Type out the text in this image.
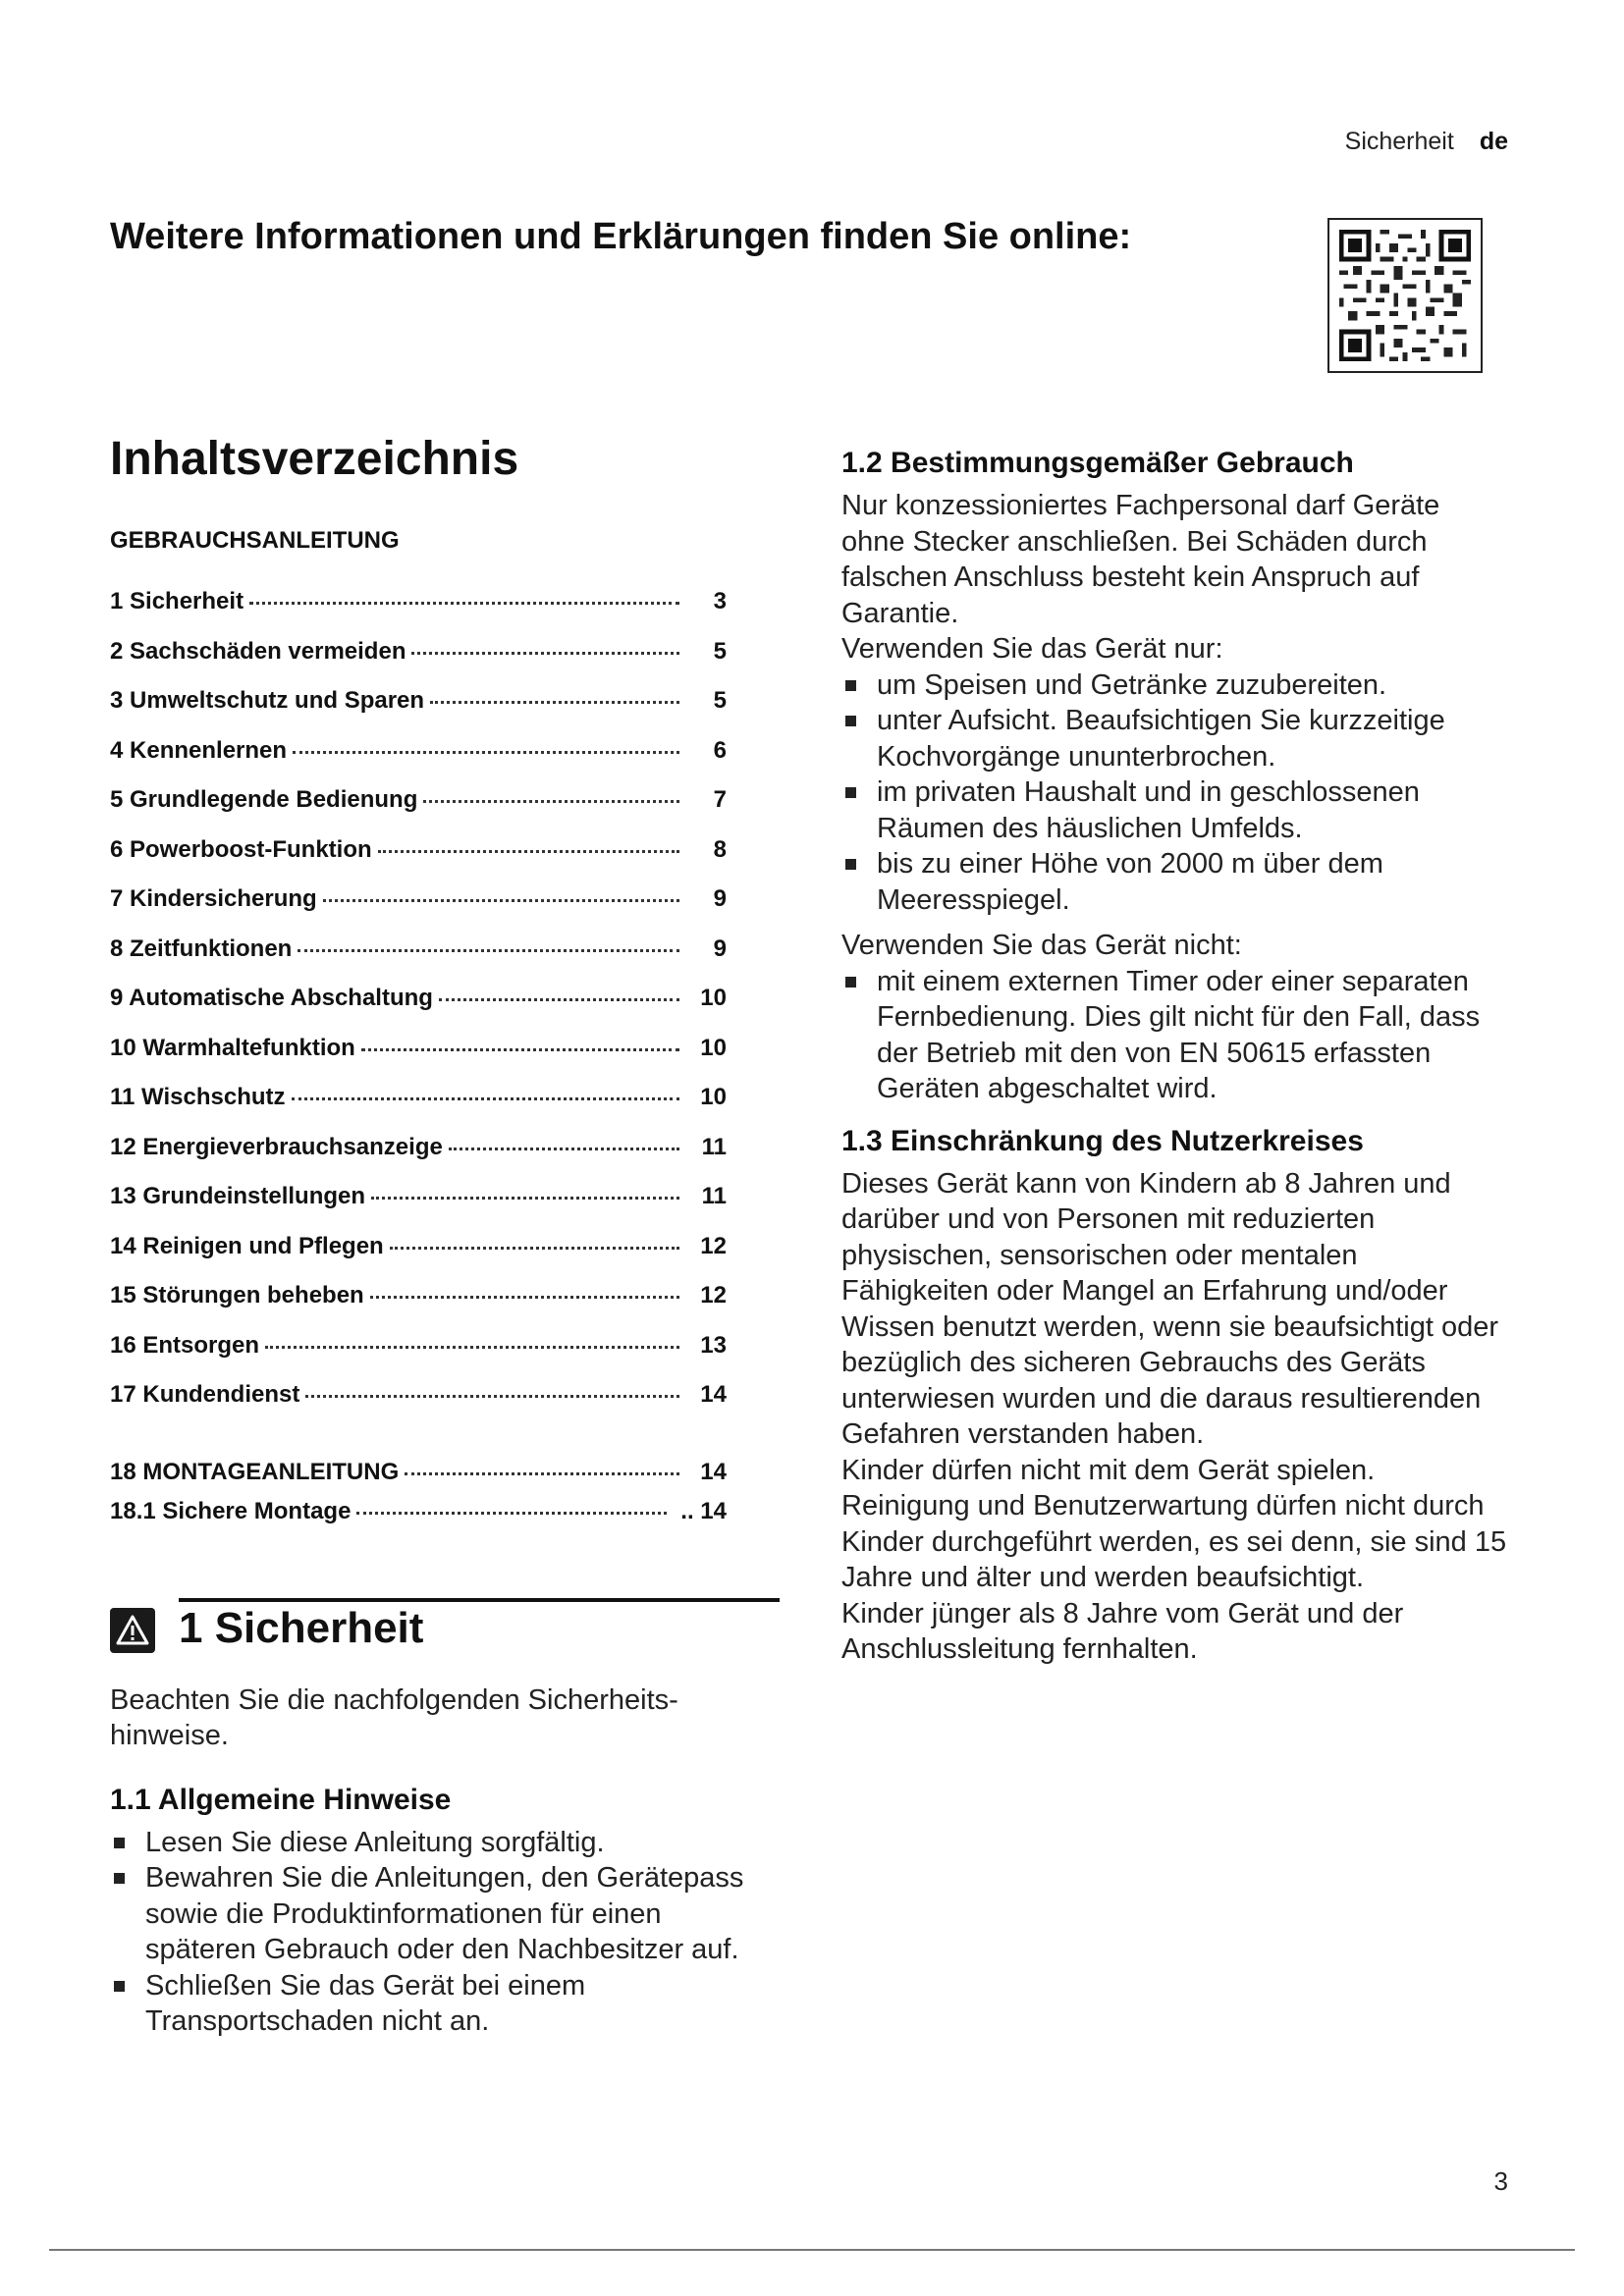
Sicherheit de
Weitere Informationen und Erklärungen finden Sie online:
Inhaltsverzeichnis
GEBRAUCHSANLEITUNG
1 Sicherheit	3
2 Sachschäden vermeiden	5
3 Umweltschutz und Sparen	5
4 Kennenlernen	6
5 Grundlegende Bedienung	7
6 Powerboost-Funktion	8
7 Kindersicherung	9
8 Zeitfunktionen	9
9 Automatische Abschaltung	10
10 Warmhaltefunktion	10
11 Wischschutz	10
12 Energieverbrauchsanzeige	11
13 Grundeinstellungen	11
14 Reinigen und Pflegen	12
15 Störungen beheben	12
16 Entsorgen	13
17 Kundendienst	14
18 MONTAGEANLEITUNG	14
18.1 Sichere Montage	.. 14
1 Sicherheit

Beachten Sie die nachfolgenden Sicherheits-hinweise.

1.1 Allgemeine Hinweise
Lesen Sie diese Anleitung sorgfältig.
Bewahren Sie die Anleitungen, den Gerätepass sowie die Produktinformationen für einen späteren Gebrauch oder den Nachbesitzer auf.
Schließen Sie das Gerät bei einem Transportschaden nicht an.
1.2 Bestimmungsgemäßer Gebrauch

Nur konzessioniertes Fachpersonal darf Geräte ohne Stecker anschließen. Bei Schäden durch falschen Anschluss besteht kein Anspruch auf Garantie.

Verwenden Sie das Gerät nur:

um Speisen und Getränke zuzubereiten.
unter Aufsicht. Beaufsichtigen Sie kurzzeitige Kochvorgänge ununterbrochen.
im privaten Haushalt und in geschlossenen Räumen des häuslichen Umfelds.
bis zu einer Höhe von 2000 m über dem Meeresspiegel.

Verwenden Sie das Gerät nicht:

mit einem externen Timer oder einer separaten Fernbedienung. Dies gilt nicht für den Fall, dass der Betrieb mit den von EN 50615 erfassten Geräten abgeschaltet wird.
1.3 Einschränkung des Nutzerkreises

Dieses Gerät kann von Kindern ab 8 Jahren und darüber und von Personen mit reduzierten physischen, sensorischen oder mentalen Fähigkeiten oder Mangel an Erfahrung und/oder Wissen benutzt werden, wenn sie beaufsichtigt oder bezüglich des sicheren Gebrauchs des Geräts unterwiesen wurden und die daraus resultierenden Gefahren verstanden haben.

Kinder dürfen nicht mit dem Gerät spielen.

Reinigung und Benutzerwartung dürfen nicht durch Kinder durchgeführt werden, es sei denn, sie sind 15 Jahre und älter und werden beaufsichtigt.

Kinder jünger als 8 Jahre vom Gerät und der Anschlussleitung fernhalten.

3
